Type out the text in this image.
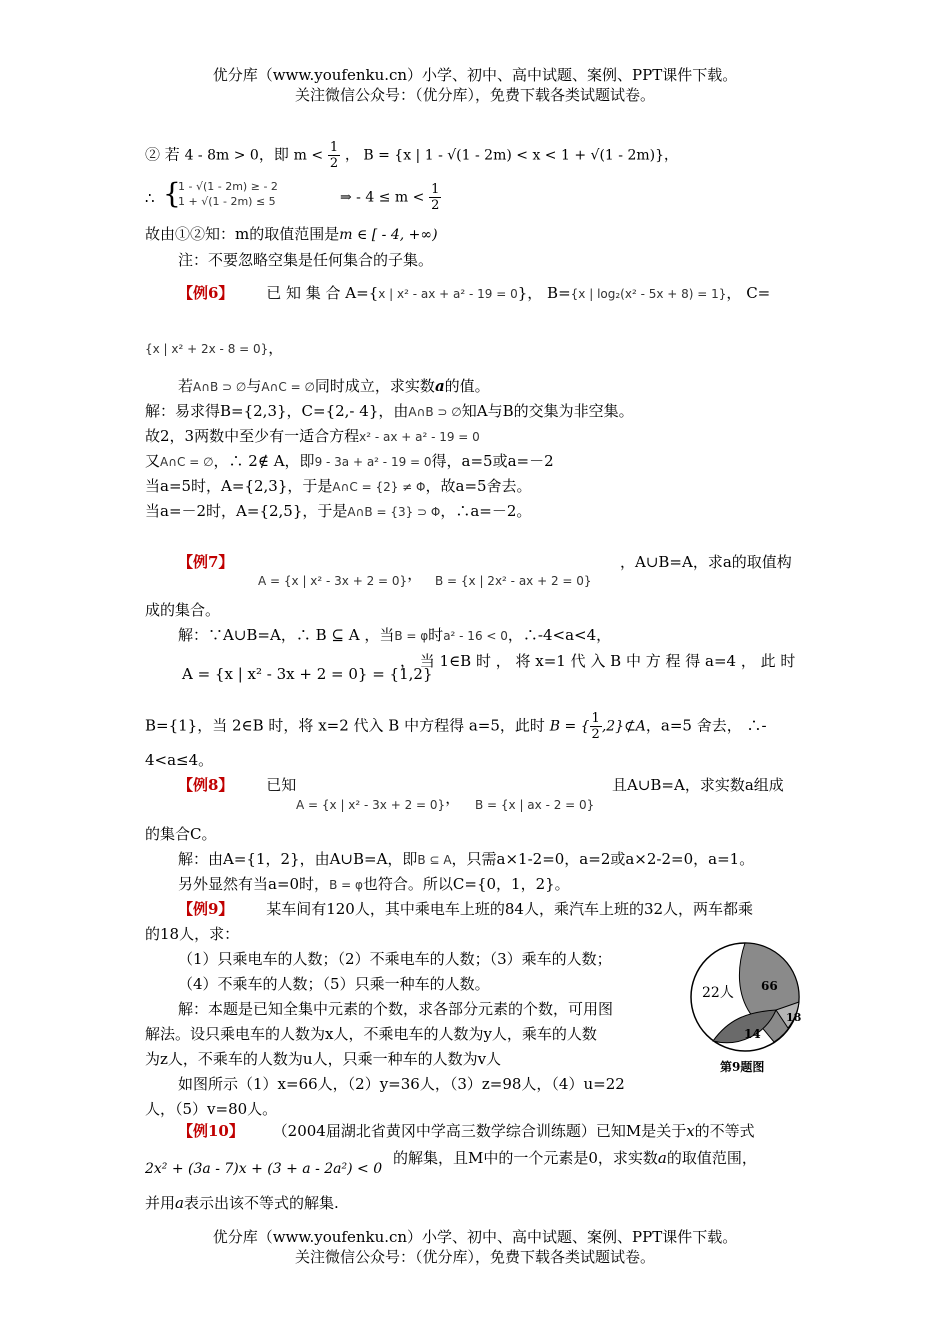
优分库（www.youfenku.cn）小学、初中、高中试题、案例、PPT课件下载。
关注微信公众号：（优分库），免费下载各类试题试卷。
② 若 4 - 8m > 0，即 $m < \frac{1}{2}$ ， B = {x | 1 - √(1 - 2m) < x < 1 + √(1 - 2m)}，
∴ {
1 - √(1 - 2m) ≥ - 2
1 + √(1 - 2m) ≤ 5	⇒ - $4 \le m < \frac{1}{2}$
故由①②知：m的取值范围是m ∈ [ - 4, +∞)
注：不要忽略空集是任何集合的子集。
【例6】 已 知 集 合 A={x | x² - ax + a² - 19 = 0}， B={x | log₂(x² - 5x + 8) = 1}， C=
{x | x² + 2x - 8 = 0}，
若A∩B ⊃ ∅与A∩C = ∅同时成立，求实数a的值。
解：易求得B={2,3}，C={2,- 4}，由A∩B ⊃ ∅知A与B的交集为非空集。
故2，3两数中至少有一适合方程x² - ax + a² - 19 = 0
又A∩C = ∅，∴ 2∉ A，即9 - 3a + a² - 19 = 0得，a=5或a=－2
当a=5时，A={2,3}，于是A∩C = {2} ≠ Φ，故a=5舍去。
当a=－2时，A={2,5}，于是A∩B = {3} ⊃ Φ，∴a=－2。
【例7】
A = {x | x² - 3x + 2 = 0}， B = {x | 2x² - ax + 2 = 0}
，A∪B=A，求a的取值构
成的集合。
解：∵A∪B=A，∴ B ⊆ A ，当B = φ时a² - 16 < 0，∴-4<a<4，
A = {x | x² - 3x + 2 = 0} = {1,2}
， 当 1∈B 时 ， 将 x=1 代 入 B 中 方 程 得 a=4 ， 此 时
B={1}，当 2∈B 时，将 x=2 代入 B 中方程得 a=5，此时 B = { $\frac{1}{2}$ ,2}⊄A，a=5 舍去， ∴-
4<a≤4。
【例8】 已知
A = {x | x² - 3x + 2 = 0}， B = {x | ax - 2 = 0}
且A∪B=A，求实数a组成
的集合C。
解：由A={1，2}，由A∪B=A，即B ⊆ A，只需a×1-2=0，a=2或a×2-2=0，a=1。
另外显然有当a=0时，B = φ也符合。所以C={0，1，2}。
【例9】 某车间有120人，其中乘电车上班的84人，乘汽车上班的32人，两车都乘
的18人，求：
（1）只乘电车的人数；（2）不乘电车的人数；（3）乘车的人数；
（4）不乘车的人数；（5）只乘一种车的人数。
解：本题是已知全集中元素的个数，求各部分元素的个数，可用图
解法。设只乘电车的人数为x人，不乘电车的人数为y人，乘车的人数
为z人，不乘车的人数为u人，只乘一种车的人数为v人
如图所示（1）x=66人，（2）y=36人，（3）z=98人，（4）u=22
人，（5）v=80人。
22人 66
18
14
第9题图
【例10】 （2004届湖北省黄冈中学高三数学综合训练题）已知M是关于x的不等式
2x² + (3a - 7)x + (3 + a - 2a²) < 0
的解集，且M中的一个元素是0，求实数a的取值范围，
并用a表示出该不等式的解集.
优分库（www.youfenku.cn）小学、初中、高中试题、案例、PPT课件下载。
关注微信公众号：（优分库），免费下载各类试题试卷。
